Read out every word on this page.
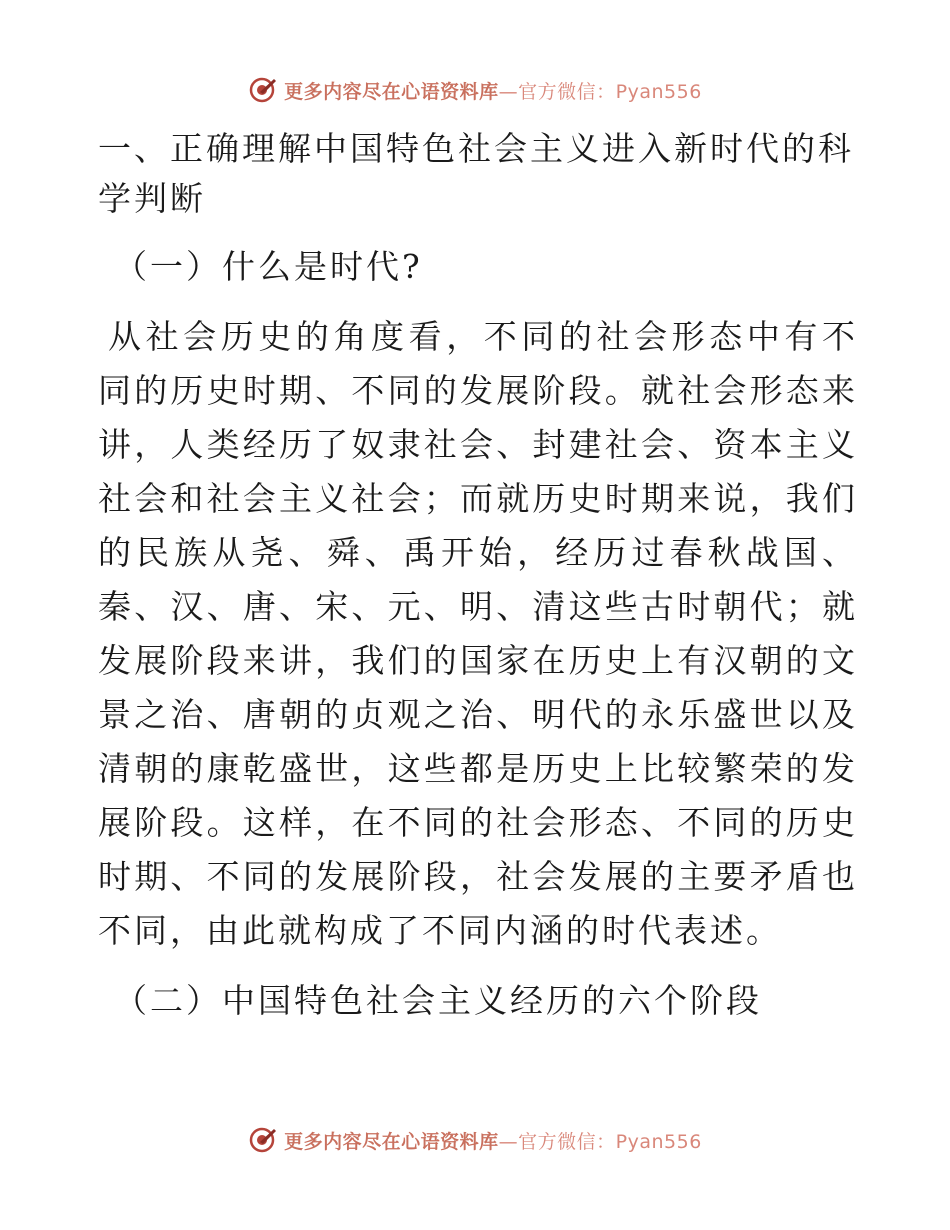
更多内容尽在心语资料库—官方微信：Pyan556
一、正确理解中国特色社会主义进入新时代的科学判断
（一）什么是时代?

从社会历史的角度看，不同的社会形态中有不同的历史时期、不同的发展阶段。就社会形态来讲，人类经历了奴隶社会、封建社会、资本主义社会和社会主义社会；而就历史时期来说，我们的民族从尧、舜、禹开始，经历过春秋战国、秦、汉、唐、宋、元、明、清这些古时朝代；就发展阶段来讲，我们的国家在历史上有汉朝的文景之治、唐朝的贞观之治、明代的永乐盛世以及清朝的康乾盛世，这些都是历史上比较繁荣的发展阶段。这样，在不同的社会形态、不同的历史时期、不同的发展阶段，社会发展的主要矛盾也不同，由此就构成了不同内涵的时代表述。

（二）中国特色社会主义经历的六个阶段
更多内容尽在心语资料库—官方微信：Pyan556
